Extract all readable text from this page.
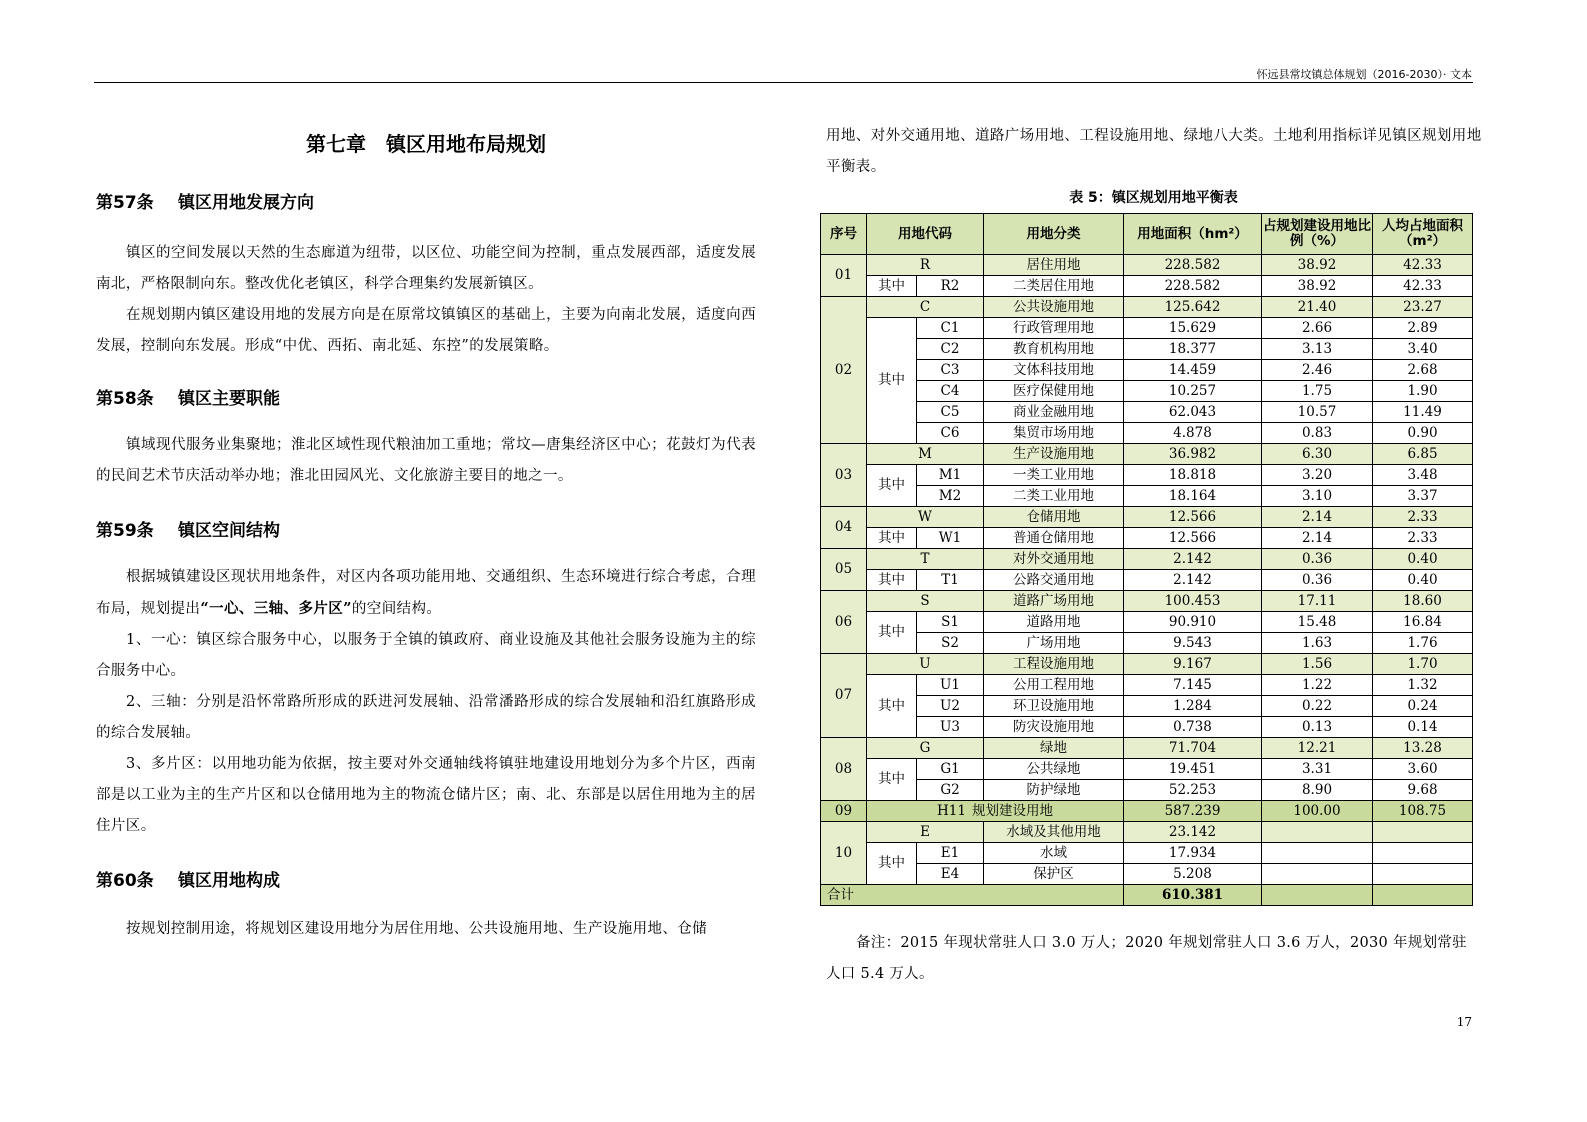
怀远县常坟镇总体规划（2016-2030）· 文本
第七章　镇区用地布局规划
第57条 镇区用地发展方向

镇区的空间发展以天然的生态廊道为纽带，以区位、功能空间为控制，重点发展西部，适度发展南北，严格限制向东。整改优化老镇区，科学合理集约发展新镇区。

在规划期内镇区建设用地的发展方向是在原常坟镇镇区的基础上，主要为向南北发展，适度向西发展，控制向东发展。形成“中优、西拓、南北延、东控”的发展策略。

第58条 镇区主要职能

镇域现代服务业集聚地；淮北区域性现代粮油加工重地；常坟—唐集经济区中心；花鼓灯为代表的民间艺术节庆活动举办地；淮北田园风光、文化旅游主要目的地之一。

第59条 镇区空间结构

根据城镇建设区现状用地条件，对区内各项功能用地、交通组织、生态环境进行综合考虑，合理布局，规划提出“一心、三轴、多片区”的空间结构。

1、一心：镇区综合服务中心，以服务于全镇的镇政府、商业设施及其他社会服务设施为主的综合服务中心。

2、三轴：分别是沿怀常路所形成的跃进河发展轴、沿常潘路形成的综合发展轴和沿红旗路形成的综合发展轴。

3、多片区：以用地功能为依据，按主要对外交通轴线将镇驻地建设用地划分为多个片区，西南部是以工业为主的生产片区和以仓储用地为主的物流仓储片区；南、北、东部是以居住用地为主的居住片区。

第60条 镇区用地构成

按规划控制用途，将规划区建设用地分为居住用地、公共设施用地、生产设施用地、仓储

用地、对外交通用地、道路广场用地、工程设施用地、绿地八大类。土地利用指标详见镇区规划用地平衡表。

表 5：镇区规划用地平衡表
序号	用地代码		用地分类	用地面积（hm²）	占规划建设用地比例（%）	人均占地面积（m²）
01	R		居住用地	228.582	38.92	42.33
	其中	R2	二类居住用地	228.582	38.92	42.33
02	C		公共设施用地	125.642	21.40	23.27
	其中	C1	行政管理用地	15.629	2.66	2.89
		C2	教育机构用地	18.377	3.13	3.40
		C3	文体科技用地	14.459	2.46	2.68
		C4	医疗保健用地	10.257	1.75	1.90
		C5	商业金融用地	62.043	10.57	11.49
		C6	集贸市场用地	4.878	0.83	0.90
03	M		生产设施用地	36.982	6.30	6.85
	其中	M1	一类工业用地	18.818	3.20	3.48
		M2	二类工业用地	18.164	3.10	3.37
04	W		仓储用地	12.566	2.14	2.33
	其中	W1	普通仓储用地	12.566	2.14	2.33
05	T		对外交通用地	2.142	0.36	0.40
	其中	T1	公路交通用地	2.142	0.36	0.40
06	S		道路广场用地	100.453	17.11	18.60
	其中	S1	道路用地	90.910	15.48	16.84
		S2	广场用地	9.543	1.63	1.76
07	U		工程设施用地	9.167	1.56	1.70
	其中	U1	公用工程用地	7.145	1.22	1.32
		U2	环卫设施用地	1.284	0.22	0.24
		U3	防灾设施用地	0.738	0.13	0.14
08	G		绿地	71.704	12.21	13.28
	其中	G1	公共绿地	19.451	3.31	3.60
		G2	防护绿地	52.253	8.90	9.68
09	H11 规划建设用地			587.239	100.00	108.75
10	E		水域及其他用地	23.142		
	其中	E1	水域	17.934		
		E4	保护区	5.208		
合计				610.381		
备注：2015 年现状常驻人口 3.0 万人；2020 年规划常驻人口 3.6 万人，2030 年规划常驻人口 5.4 万人。
17
